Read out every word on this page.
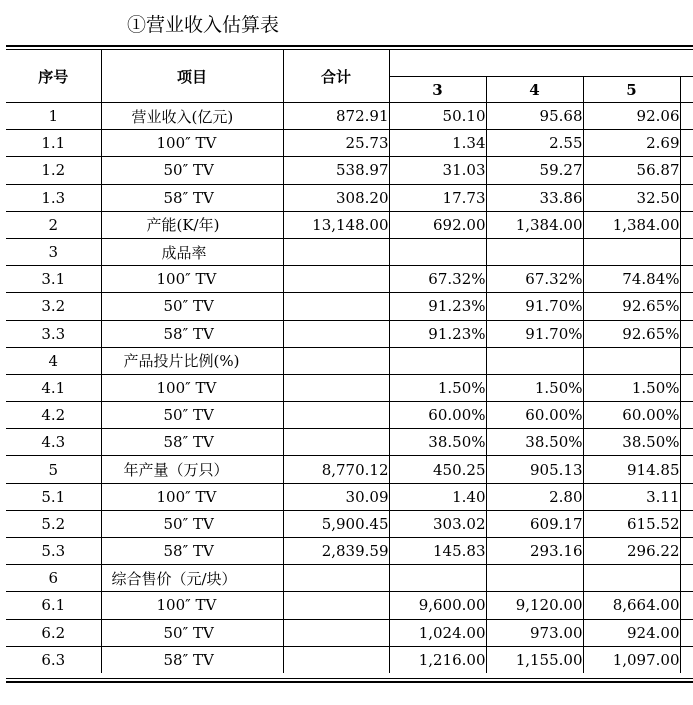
①营业收入估算表
序号	项目	合计				
			3	4	5	
1	营业收入(亿元)	872.91	50.10	95.68	92.06	
1.1	100″ TV	25.73	1.34	2.55	2.69	
1.2	50″ TV	538.97	31.03	59.27	56.87	
1.3	58″ TV	308.20	17.73	33.86	32.50	
2	产能(K/年)	13,148.00	692.00	1,384.00	1,384.00	
3	成品率					
3.1	100″ TV		67.32%	67.32%	74.84%	
3.2	50″ TV		91.23%	91.70%	92.65%	
3.3	58″ TV		91.23%	91.70%	92.65%	
4	产品投片比例(%)					
4.1	100″ TV		1.50%	1.50%	1.50%	
4.2	50″ TV		60.00%	60.00%	60.00%	
4.3	58″ TV		38.50%	38.50%	38.50%	
5	年产量（万只）	8,770.12	450.25	905.13	914.85	
5.1	100″ TV	30.09	1.40	2.80	3.11	
5.2	50″ TV	5,900.45	303.02	609.17	615.52	
5.3	58″ TV	2,839.59	145.83	293.16	296.22	
6	综合售价（元/块）					
6.1	100″ TV		9,600.00	9,120.00	8,664.00	
6.2	50″ TV		1,024.00	973.00	924.00	
6.3	58″ TV		1,216.00	1,155.00	1,097.00	
